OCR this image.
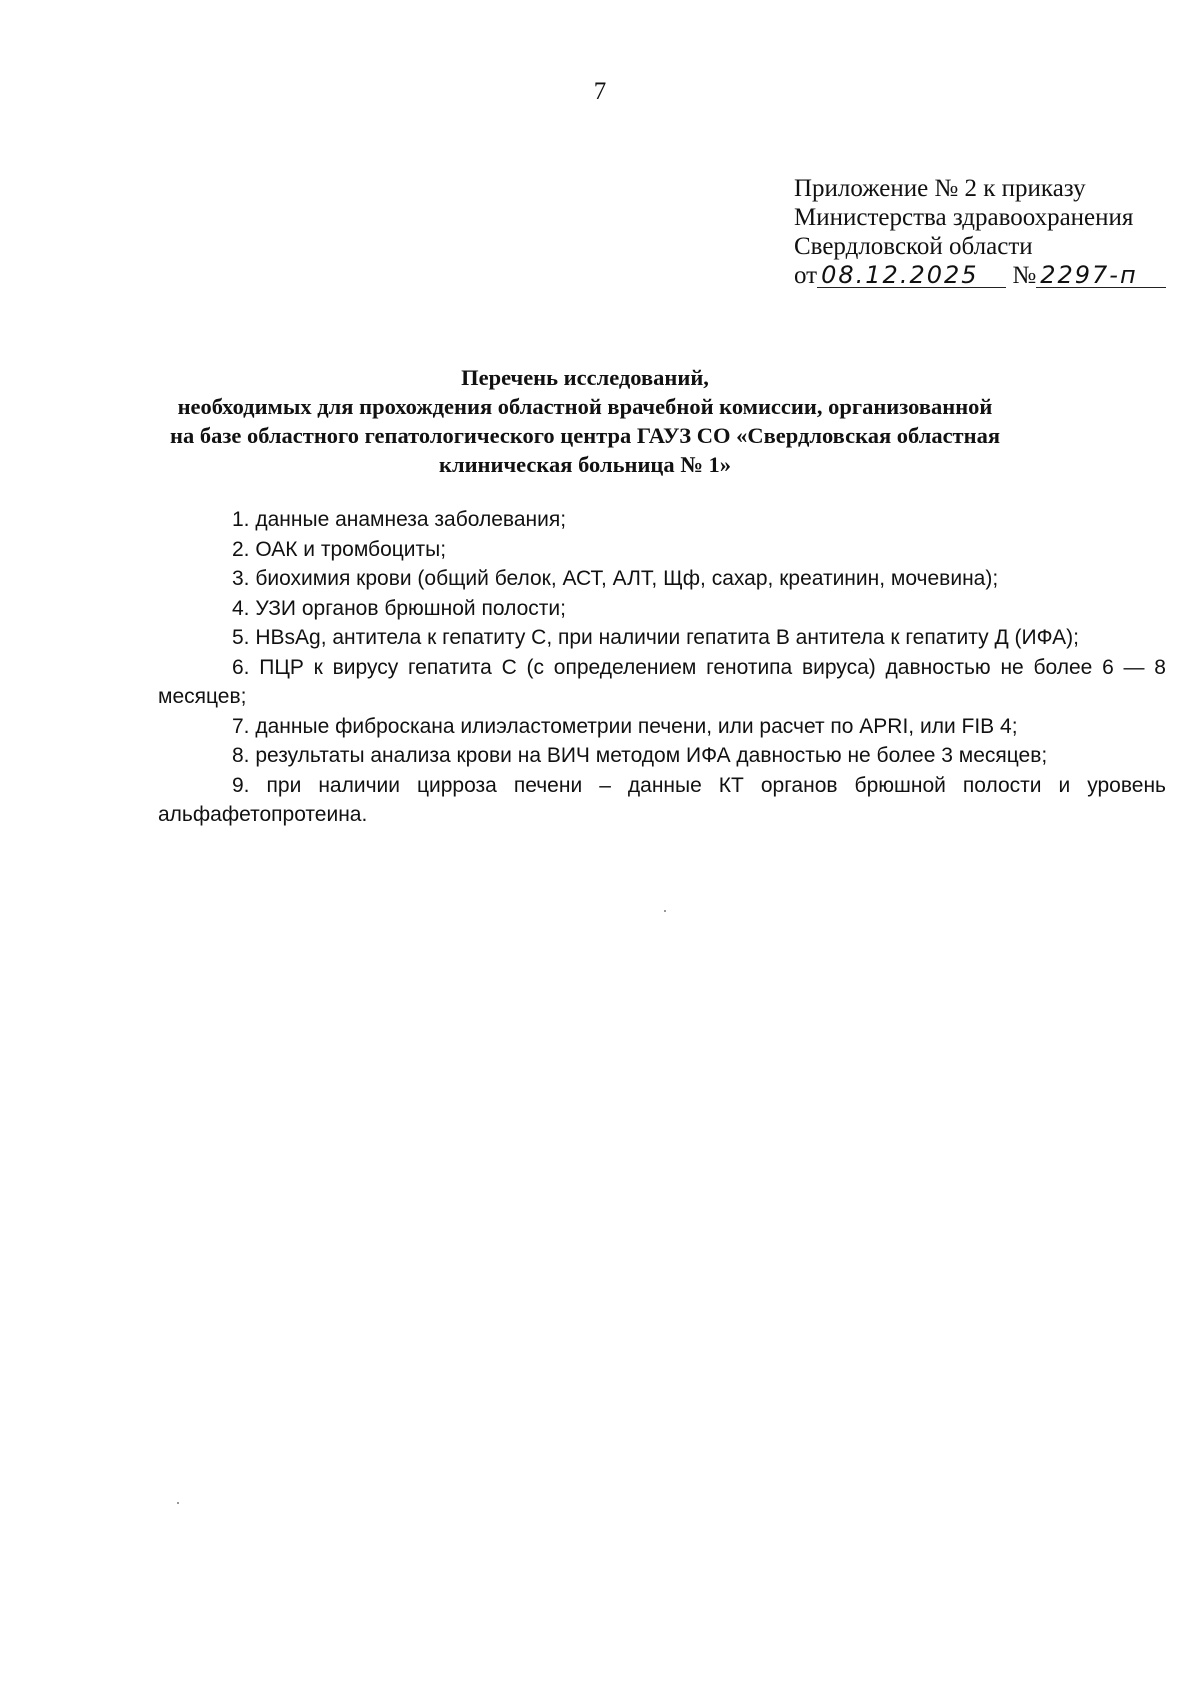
7
Приложение № 2 к приказу
Министерства здравоохранения
Свердловской области
от 08.12.2025 № 2297-п
Перечень исследований,
необходимых для прохождения областной врачебной комиссии, организованной
на базе областного гепатологического центра ГАУЗ СО «Свердловская областная
клиническая больница № 1»
1. данные анамнеза заболевания;
2. ОАК и тромбоциты;
3. биохимия крови (общий белок, АСТ, АЛТ, Щф, сахар, креатинин, мочевина);
4. УЗИ органов брюшной полости;
5. HBsAg, антитела к гепатиту С, при наличии гепатита В антитела к гепатиту Д (ИФА);
6. ПЦР к вирусу гепатита С (с определением генотипа вируса) давностью не более 6 — 8 месяцев;
7. данные фиброскана илиэластометрии печени, или расчет по APRI, или FIB 4;
8. результаты анализа крови на ВИЧ методом ИФА давностью не более 3 месяцев;
9. при наличии цирроза печени – данные КТ органов брюшной полости и уровень альфафетопротеина.
